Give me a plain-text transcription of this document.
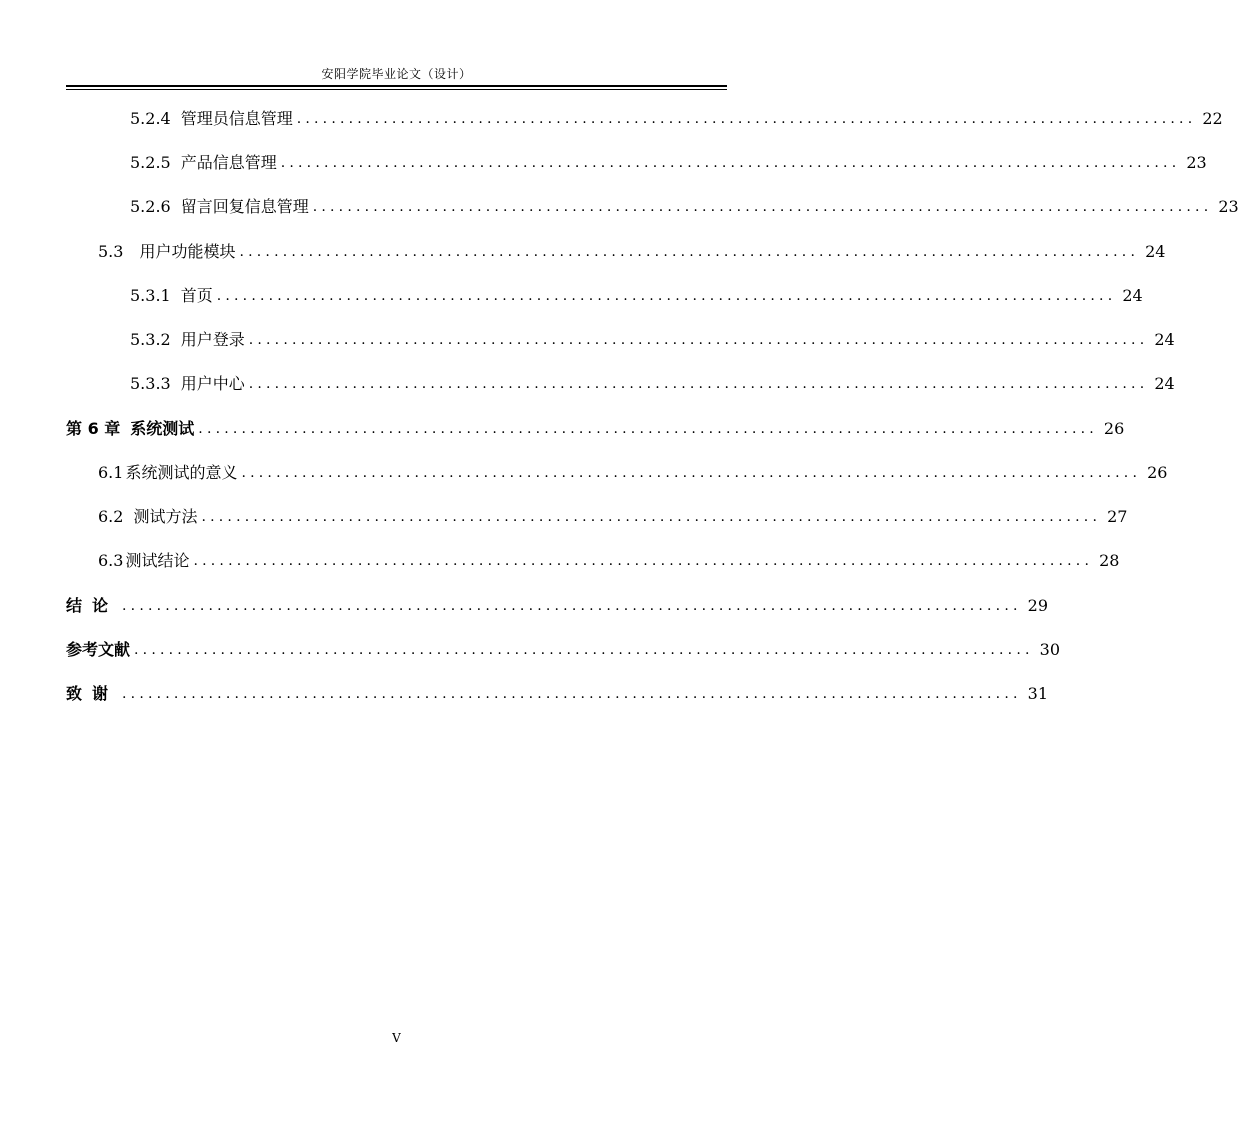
安阳学院毕业论文（设计）
5.2.4 管理员信息管理 ........................................................................................................ 22
5.2.5 产品信息管理 ........................................................................................................ 23
5.2.6 留言回复信息管理 ........................................................................................................ 23
5.3 用户功能模块 ........................................................................................................ 24
5.3.1 首页 ........................................................................................................ 24
5.3.2 用户登录 ........................................................................................................ 24
5.3.3 用户中心 ........................................................................................................ 24
第 6 章 系统测试 ........................................................................................................ 26
6.1 系统测试的意义 ........................................................................................................ 26
6.2 测试方法 ........................................................................................................ 27
6.3 测试结论 ........................................................................................................ 28
结论 ........................................................................................................ 29
参考文献 ........................................................................................................ 30
致谢 ........................................................................................................ 31
V
